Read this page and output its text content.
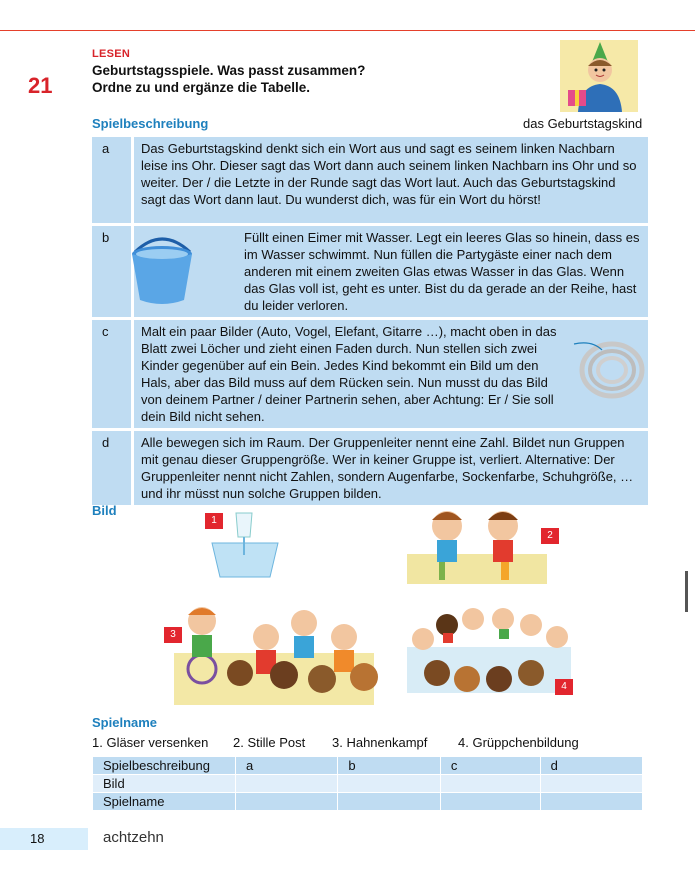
21
LESEN
Geburtstagsspiele. Was passt zusammen?
Ordne zu und ergänze die Tabelle.
das Geburtstagskind
Spielbeschreibung
a	Das Geburtstagskind denkt sich ein Wort aus und sagt es seinem linken Nachbarn leise ins Ohr. Dieser sagt das Wort dann auch seinem linken Nachbarn ins Ohr und so weiter. Der / die Letzte in der Runde sagt das Wort laut. Auch das Geburtstagskind sagt das Wort dann laut. Du wunderst dich, was für ein Wort du hörst!
b	Füllt einen Eimer mit Wasser. Legt ein leeres Glas so hinein, dass es im Wasser schwimmt. Nun füllen die Partygäste einer nach dem anderen mit einem zweiten Glas etwas Wasser in das Glas. Wenn das Glas voll ist, geht es unter. Bist du da gerade an der Reihe, hast du leider verloren.
c	Malt ein paar Bilder (Auto, Vogel, Elefant, Gitarre …), macht oben in das Blatt zwei Löcher und zieht einen Faden durch. Nun stellen sich zwei Kinder gegenüber auf ein Bein. Jedes Kind bekommt ein Bild um den Hals, aber das Bild muss auf dem Rücken sein. Nun musst du das Bild von deinem Partner / deiner Partnerin sehen, aber Achtung: Er / Sie soll dein Bild nicht sehen.
d	Alle bewegen sich im Raum. Der Gruppenleiter nennt eine Zahl. Bildet nun Gruppen mit genau dieser Gruppengröße. Wer in keiner Gruppe ist, verliert. Alternative: Der Gruppenleiter nennt nicht Zahlen, sondern Augenfarbe, Sockenfarbe, Schuhgröße, … und ihr müsst nun solche Gruppen bilden.
Bild
1
2
3
4
Spielname
1. Gläser versenken 2. Stille Post 3. Hahnenkampf 4. Grüppchenbildung
Spielbeschreibung	a	b	c	d
Bild				
Spielname				
18	achtzehn
